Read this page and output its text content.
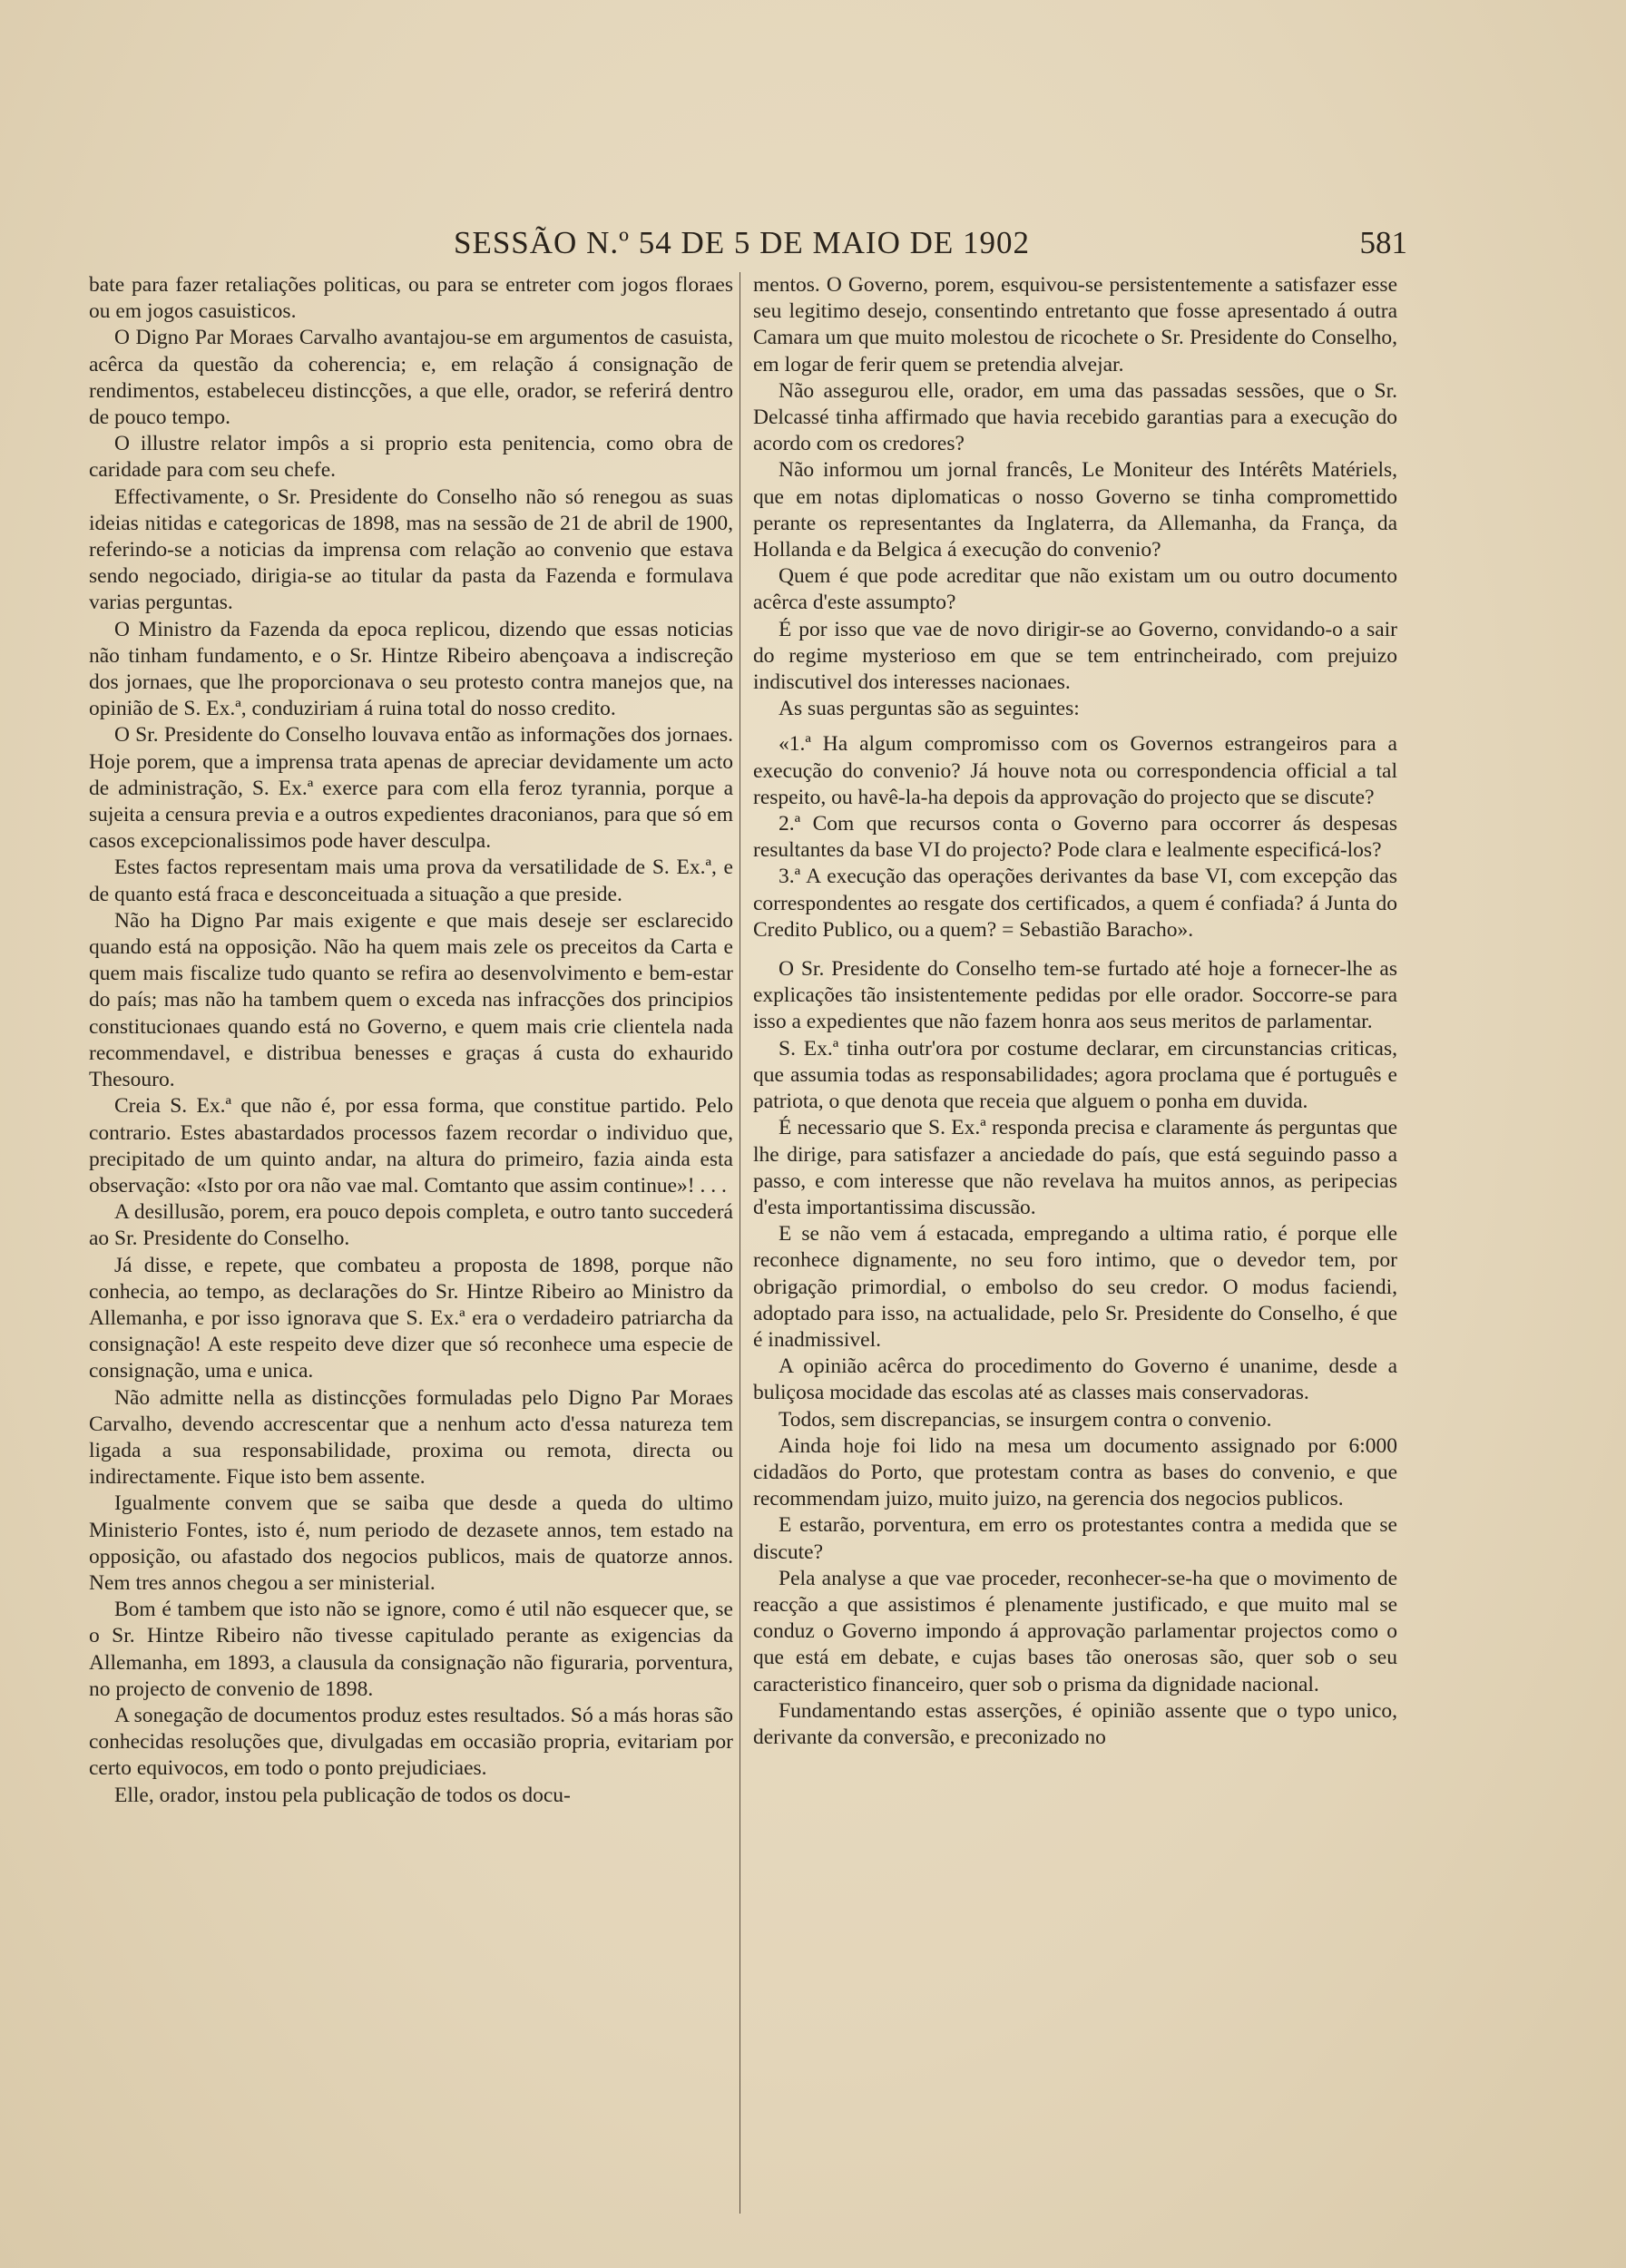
SESSÃO N.º 54 DE 5 DE MAIO DE 1902	581

bate para fazer retaliações politicas, ou para se entreter com jogos floraes ou em jogos casuisticos.

O Digno Par Moraes Carvalho avantajou-se em argumentos de casuista, acêrca da questão da coherencia; e, em relação á consignação de rendimentos, estabeleceu distincções, a que elle, orador, se referirá dentro de pouco tempo.

O illustre relator impôs a si proprio esta penitencia, como obra de caridade para com seu chefe.

Effectivamente, o Sr. Presidente do Conselho não só renegou as suas ideias nitidas e categoricas de 1898, mas na sessão de 21 de abril de 1900, referindo-se a noticias da imprensa com relação ao convenio que estava sendo negociado, dirigia-se ao titular da pasta da Fazenda e formulava varias perguntas.

O Ministro da Fazenda da epoca replicou, dizendo que essas noticias não tinham fundamento, e o Sr. Hintze Ribeiro abençoava a indiscreção dos jornaes, que lhe proporcionava o seu protesto contra manejos que, na opinião de S. Ex.ª, conduziriam á ruina total do nosso credito.

O Sr. Presidente do Conselho louvava então as informações dos jornaes. Hoje porem, que a imprensa trata apenas de apreciar devidamente um acto de administração, S. Ex.ª exerce para com ella feroz tyrannia, porque a sujeita a censura previa e a outros expedientes draconianos, para que só em casos excepcionalissimos pode haver desculpa.

Estes factos representam mais uma prova da versatilidade de S. Ex.ª, e de quanto está fraca e desconceituada a situação a que preside.

Não ha Digno Par mais exigente e que mais deseje ser esclarecido quando está na opposição. Não ha quem mais zele os preceitos da Carta e quem mais fiscalize tudo quanto se refira ao desenvolvimento e bem-estar do país; mas não ha tambem quem o exceda nas infracções dos principios constitucionaes quando está no Governo, e quem mais crie clientela nada recommendavel, e distribua benesses e graças á custa do exhaurido Thesouro.

Creia S. Ex.ª que não é, por essa forma, que constitue partido. Pelo contrario. Estes abastardados processos fazem recordar o individuo que, precipitado de um quinto andar, na altura do primeiro, fazia ainda esta observação: «Isto por ora não vae mal. Comtanto que assim continue»! . . .

A desillusão, porem, era pouco depois completa, e outro tanto succederá ao Sr. Presidente do Conselho.

Já disse, e repete, que combateu a proposta de 1898, porque não conhecia, ao tempo, as declarações do Sr. Hintze Ribeiro ao Ministro da Allemanha, e por isso ignorava que S. Ex.ª era o verdadeiro patriarcha da consignação! A este respeito deve dizer que só reconhece uma especie de consignação, uma e unica.

Não admitte nella as distincções formuladas pelo Digno Par Moraes Carvalho, devendo accrescentar que a nenhum acto d'essa natureza tem ligada a sua responsabilidade, proxima ou remota, directa ou indirectamente. Fique isto bem assente.

Igualmente convem que se saiba que desde a queda do ultimo Ministerio Fontes, isto é, num periodo de dezasete annos, tem estado na opposição, ou afastado dos negocios publicos, mais de quatorze annos. Nem tres annos chegou a ser ministerial.

Bom é tambem que isto não se ignore, como é util não esquecer que, se o Sr. Hintze Ribeiro não tivesse capitulado perante as exigencias da Allemanha, em 1893, a clausula da consignação não figuraria, porventura, no projecto de convenio de 1898.

A sonegação de documentos produz estes resultados. Só a más horas são conhecidas resoluções que, divulgadas em occasião propria, evitariam por certo equivocos, em todo o ponto prejudiciaes.

Elle, orador, instou pela publicação de todos os docu-

mentos. O Governo, porem, esquivou-se persistentemente a satisfazer esse seu legitimo desejo, consentindo entretanto que fosse apresentado á outra Camara um que muito molestou de ricochete o Sr. Presidente do Conselho, em logar de ferir quem se pretendia alvejar.

Não assegurou elle, orador, em uma das passadas sessões, que o Sr. Delcassé tinha affirmado que havia recebido garantias para a execução do acordo com os credores?

Não informou um jornal francês, Le Moniteur des Intérêts Matériels, que em notas diplomaticas o nosso Governo se tinha compromettido perante os representantes da Inglaterra, da Allemanha, da França, da Hollanda e da Belgica á execução do convenio?

Quem é que pode acreditar que não existam um ou outro documento acêrca d'este assumpto?

É por isso que vae de novo dirigir-se ao Governo, convidando-o a sair do regime mysterioso em que se tem entrincheirado, com prejuizo indiscutivel dos interesses nacionaes.

As suas perguntas são as seguintes:

«1.ª Ha algum compromisso com os Governos estrangeiros para a execução do convenio? Já houve nota ou correspondencia official a tal respeito, ou havê-la-ha depois da approvação do projecto que se discute?

2.ª Com que recursos conta o Governo para occorrer ás despesas resultantes da base VI do projecto? Pode clara e lealmente especificá-los?

3.ª A execução das operações derivantes da base VI, com excepção das correspondentes ao resgate dos certificados, a quem é confiada? á Junta do Credito Publico, ou a quem? = Sebastião Baracho».

O Sr. Presidente do Conselho tem-se furtado até hoje a fornecer-lhe as explicações tão insistentemente pedidas por elle orador. Soccorre-se para isso a expedientes que não fazem honra aos seus meritos de parlamentar.

S. Ex.ª tinha outr'ora por costume declarar, em circunstancias criticas, que assumia todas as responsabilidades; agora proclama que é português e patriota, o que denota que receia que alguem o ponha em duvida.

É necessario que S. Ex.ª responda precisa e claramente ás perguntas que lhe dirige, para satisfazer a anciedade do país, que está seguindo passo a passo, e com interesse que não revelava ha muitos annos, as peripecias d'esta importantissima discussão.

E se não vem á estacada, empregando a ultima ratio, é porque elle reconhece dignamente, no seu foro intimo, que o devedor tem, por obrigação primordial, o embolso do seu credor. O modus faciendi, adoptado para isso, na actualidade, pelo Sr. Presidente do Conselho, é que é inadmissivel.

A opinião acêrca do procedimento do Governo é unanime, desde a buliçosa mocidade das escolas até as classes mais conservadoras.

Todos, sem discrepancias, se insurgem contra o convenio.

Ainda hoje foi lido na mesa um documento assignado por 6:000 cidadãos do Porto, que protestam contra as bases do convenio, e que recommendam juizo, muito juizo, na gerencia dos negocios publicos.

E estarão, porventura, em erro os protestantes contra a medida que se discute?

Pela analyse a que vae proceder, reconhecer-se-ha que o movimento de reacção a que assistimos é plenamente justificado, e que muito mal se conduz o Governo impondo á approvação parlamentar projectos como o que está em debate, e cujas bases tão onerosas são, quer sob o seu caracteristico financeiro, quer sob o prisma da dignidade nacional.

Fundamentando estas asserções, é opinião assente que o typo unico, derivante da conversão, e preconizado no
